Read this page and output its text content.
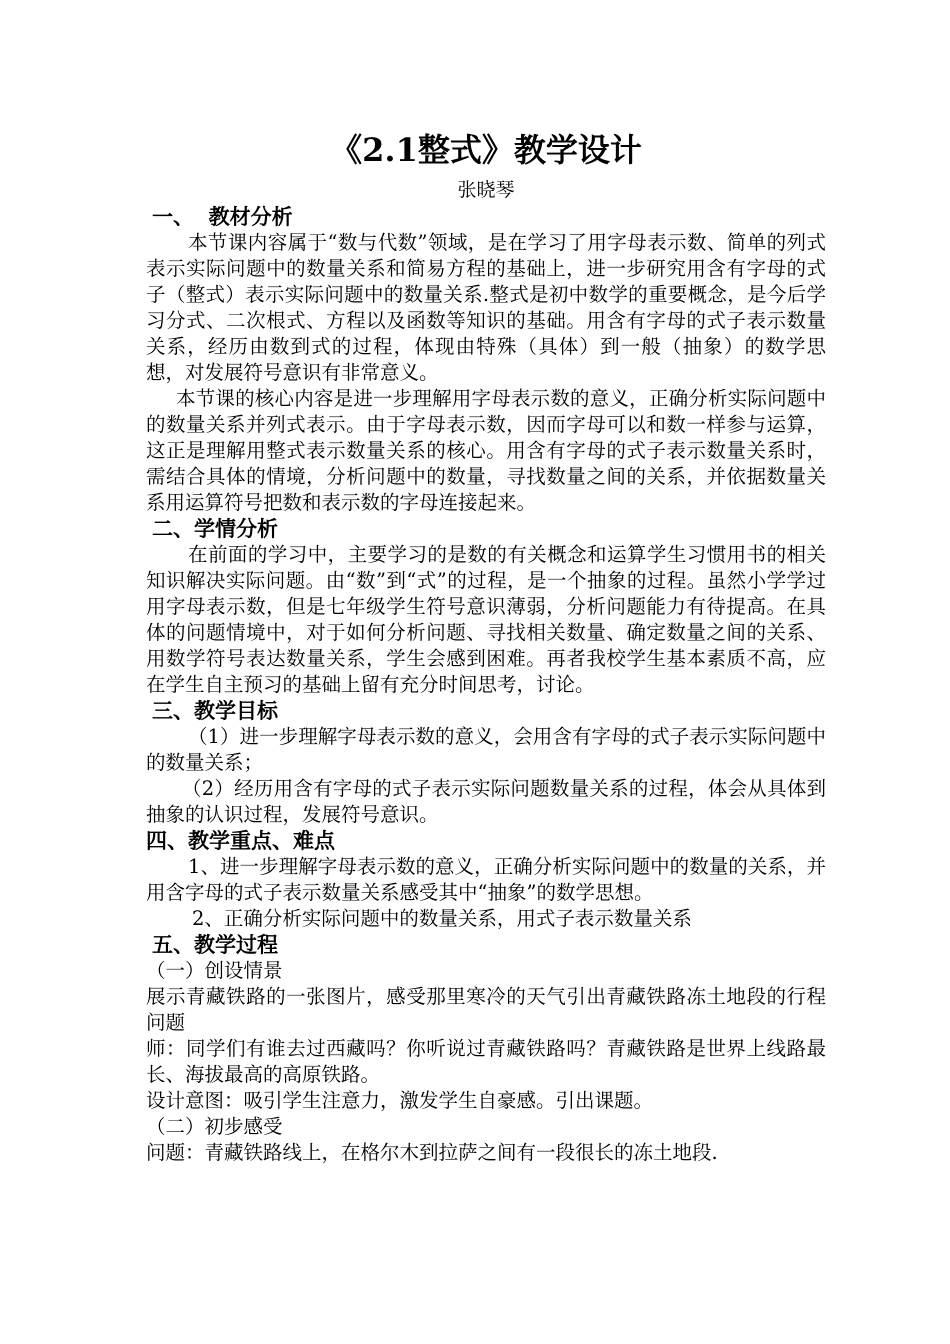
《2.1整式》教学设计
张晓琴
一、  教材分析

本节课内容属于“数与代数”领域，是在学习了用字母表示数、简单的列式表示实际问题中的数量关系和简易方程的基础上，进一步研究用含有字母的式子（整式）表示实际问题中的数量关系.整式是初中数学的重要概念，是今后学习分式、二次根式、方程以及函数等知识的基础。用含有字母的式子表示数量关系，经历由数到式的过程，体现由特殊（具体）到一般（抽象）的数学思想，对发展符号意识有非常意义。

本节课的核心内容是进一步理解用字母表示数的意义，正确分析实际问题中的数量关系并列式表示。由于字母表示数，因而字母可以和数一样参与运算，这正是理解用整式表示数量关系的核心。用含有字母的式子表示数量关系时，需结合具体的情境，分析问题中的数量，寻找数量之间的关系，并依据数量关系用运算符号把数和表示数的字母连接起来。

二、学情分析

在前面的学习中，主要学习的是数的有关概念和运算学生习惯用书的相关知识解决实际问题。由“数”到“式”的过程，是一个抽象的过程。虽然小学学过用字母表示数，但是七年级学生符号意识薄弱，分析问题能力有待提高。在具体的问题情境中，对于如何分析问题、寻找相关数量、确定数量之间的关系、用数学符号表达数量关系，学生会感到困难。再者我校学生基本素质不高，应在学生自主预习的基础上留有充分时间思考，讨论。

三、教学目标

（1）进一步理解字母表示数的意义，会用含有字母的式子表示实际问题中的数量关系；

（2）经历用含有字母的式子表示实际问题数量关系的过程，体会从具体到抽象的认识过程，发展符号意识。

四、教学重点、难点

1、进一步理解字母表示数的意义，正确分析实际问题中的数量的关系，并用含字母的式子表示数量关系感受其中“抽象”的数学思想。

2、正确分析实际问题中的数量关系，用式子表示数量关系

五、教学过程

（一）创设情景

展示青藏铁路的一张图片，感受那里寒冷的天气引出青藏铁路冻土地段的行程问题

师：同学们有谁去过西藏吗？你听说过青藏铁路吗？青藏铁路是世界上线路最长、海拔最高的高原铁路。

设计意图：吸引学生注意力，激发学生自豪感。引出课题。

（二）初步感受

问题：青藏铁路线上，在格尔木到拉萨之间有一段很长的冻土地段.
